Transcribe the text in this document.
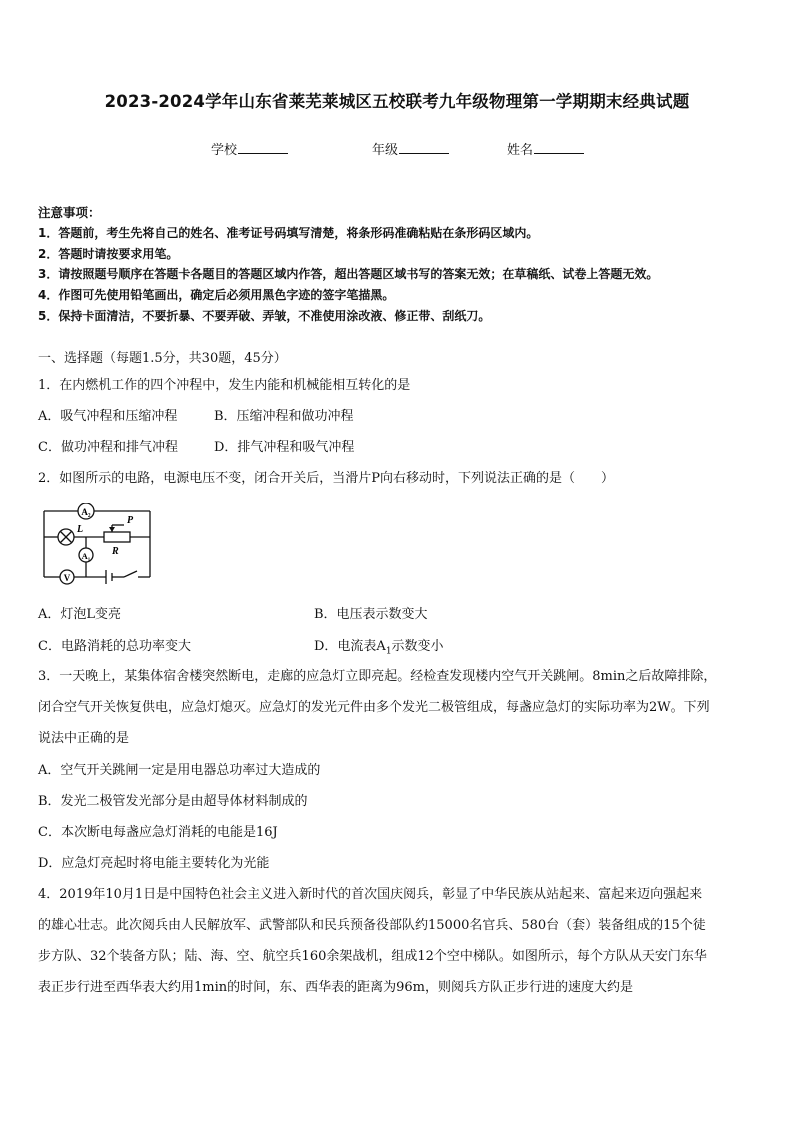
2023-2024学年山东省莱芜莱城区五校联考九年级物理第一学期期末经典试题
学校	年级	姓名
注意事项：
1．答题前，考生先将自己的姓名、准考证号码填写清楚，将条形码准确粘贴在条形码区域内。
2．答题时请按要求用笔。
3．请按照题号顺序在答题卡各题目的答题区域内作答，超出答题区域书写的答案无效；在草稿纸、试卷上答题无效。
4．作图可先使用铅笔画出，确定后必须用黑色字迹的签字笔描黑。
5．保持卡面清洁，不要折暴、不要弄破、弄皱，不准使用涂改液、修正带、刮纸刀。
一、选择题（每题1.5分，共30题，45分）
1．在内燃机工作的四个冲程中，发生内能和机械能相互转化的是
A．吸气冲程和压缩冲程	B．压缩冲程和做功冲程
C．做功冲程和排气冲程	D．排气冲程和吸气冲程
2．如图所示的电路，电源电压不变，闭合开关后，当滑片P向右移动时，下列说法正确的是（　　）
A₂
L
P
R
A₁
V
A．灯泡L变亮	B．电压表示数变大
C．电路消耗的总功率变大	D．电流表$A_1$示数变小
3．一天晚上，某集体宿舍楼突然断电，走廊的应急灯立即亮起。经检查发现楼内空气开关跳闸。8min之后故障排除，
闭合空气开关恢复供电，应急灯熄灭。应急灯的发光元件由多个发光二极管组成，每盏应急灯的实际功率为2W。下列
说法中正确的是
A．空气开关跳闸一定是用电器总功率过大造成的
B．发光二极管发光部分是由超导体材料制成的
C．本次断电每盏应急灯消耗的电能是16J
D．应急灯亮起时将电能主要转化为光能
4．2019年10月1日是中国特色社会主义进入新时代的首次国庆阅兵，彰显了中华民族从站起来、富起来迈向强起来
的雄心壮志。此次阅兵由人民解放军、武警部队和民兵预备役部队约15000名官兵、580台（套）装备组成的15个徒
步方队、32个装备方队；陆、海、空、航空兵160余架战机，组成12个空中梯队。如图所示，每个方队从天安门东华
表正步行进至西华表大约用1min的时间，东、西华表的距离为96m，则阅兵方队正步行进的速度大约是
